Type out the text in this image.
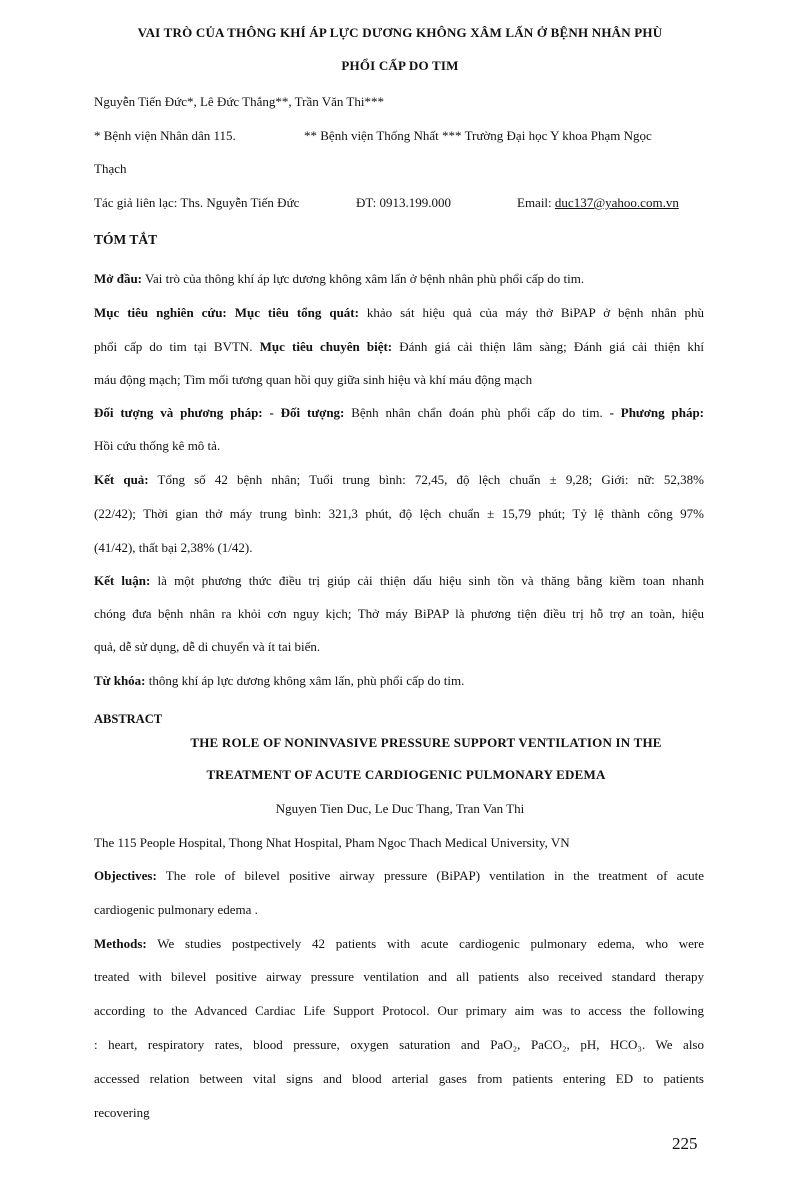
VAI TRÒ CỦA THÔNG KHÍ ÁP LỰC DƯƠNG KHÔNG XÂM LẤN Ở BỆNH NHÂN PHÙ
PHỔI CẤP DO TIM
Nguyễn Tiến Đức*, Lê Đức Thắng**, Trần Văn Thi***
* Bệnh viện Nhân dân 115.	** Bệnh viện Thống Nhất *** Trường Đại học Y khoa Phạm Ngọc
Thạch
Tác giả liên lạc: Ths. Nguyễn Tiến Đức	ĐT: 0913.199.000	Email: duc137@yahoo.com.vn
TÓM TẮT
Mở đầu: Vai trò của thông khí áp lực dương không xâm lấn ở bệnh nhân phù phổi cấp do tim.
Mục tiêu nghiên cứu: Mục tiêu tổng quát: khảo sát hiệu quả của máy thở BiPAP ở bệnh nhân phù
phổi cấp do tim tại BVTN. Mục tiêu chuyên biệt: Đánh giá cải thiện lâm sàng; Đánh giá cải thiện khí
máu động mạch; Tìm mối tương quan hồi quy giữa sinh hiệu và khí máu động mạch
Đối tượng và phương pháp: - Đối tượng: Bệnh nhân chẩn đoán phù phổi cấp do tim. - Phương pháp:
Hồi cứu thống kê mô tả.
Kết quả: Tổng số 42 bệnh nhân; Tuổi trung bình: 72,45, độ lệch chuẩn ± 9,28; Giới: nữ: 52,38%
(22/42); Thời gian thở máy trung bình: 321,3 phút, độ lệch chuẩn ± 15,79 phút; Tỷ lệ thành công 97%
(41/42), thất bại 2,38% (1/42).
Kết luận: là một phương thức điều trị giúp cải thiện dấu hiệu sinh tồn và thăng bằng kiềm toan nhanh
chóng đưa bệnh nhân ra khỏi cơn nguy kịch; Thở máy BiPAP là phương tiện điều trị hỗ trợ an toàn, hiệu
quả, dễ sử dụng, dễ di chuyển và ít tai biến.
Từ khóa: thông khí áp lực dương không xâm lấn, phù phổi cấp do tim.
ABSTRACT
THE ROLE OF NONINVASIVE PRESSURE SUPPORT VENTILATION IN THE
TREATMENT OF ACUTE CARDIOGENIC PULMONARY EDEMA
Nguyen Tien Duc, Le Duc Thang, Tran Van Thi
The 115 People Hospital, Thong Nhat Hospital, Pham Ngoc Thach Medical University, VN
Objectives: The role of bilevel positive airway pressure (BiPAP) ventilation in the treatment of acute
cardiogenic pulmonary edema .
Methods: We studies postpectively 42 patients with acute cardiogenic pulmonary edema, who were
treated with bilevel positive airway pressure ventilation and all patients also received standard therapy
according to the Advanced Cardiac Life Support Protocol. Our primary aim was to access the following
: heart, respiratory rates, blood pressure, oxygen saturation and PaO₂, PaCO₂, pH, HCO₃. We also
accessed relation between vital signs and blood arterial gases from patients entering ED to patients
recovering
225
